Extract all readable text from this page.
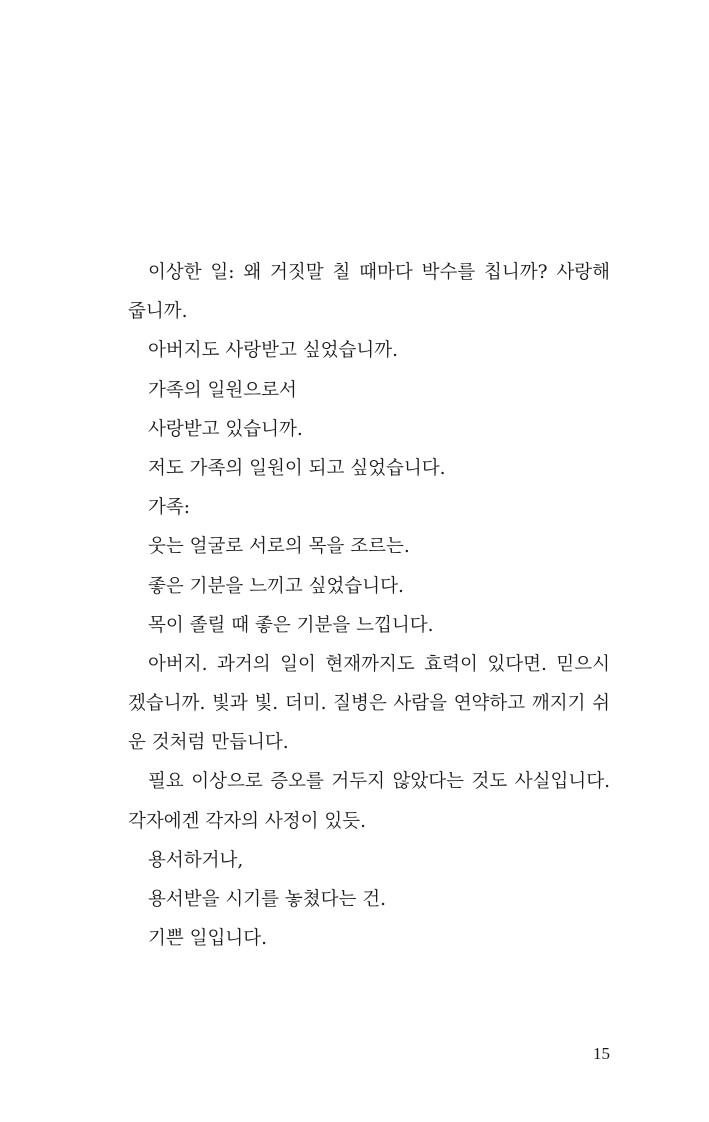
이상한 일: 왜 거짓말 칠 때마다 박수를 칩니까? 사랑해
줍니까.
아버지도 사랑받고 싶었습니까.
가족의 일원으로서
사랑받고 있습니까.
저도 가족의 일원이 되고 싶었습니다.
가족:
웃는 얼굴로 서로의 목을 조르는.
좋은 기분을 느끼고 싶었습니다.
목이 졸릴 때 좋은 기분을 느낍니다.
아버지. 과거의 일이 현재까지도 효력이 있다면. 믿으시
겠습니까. 빛과 빛. 더미. 질병은 사람을 연약하고 깨지기 쉬
운 것처럼 만듭니다.
필요 이상으로 증오를 거두지 않았다는 것도 사실입니다.
각자에겐 각자의 사정이 있듯.
용서하거나,
용서받을 시기를 놓쳤다는 건.
기쁜 일입니다.
15
